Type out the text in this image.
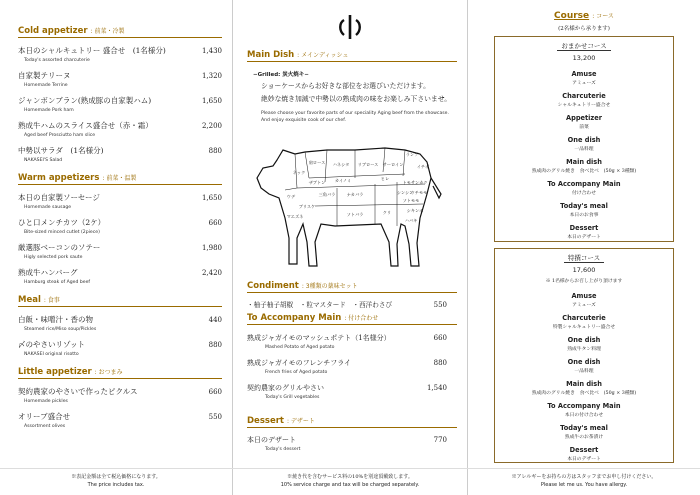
Cold appetizer : 前菜・冷製
本日のシャルキュトリー 盛合せ　(1名様分)	1,430
Today's assorted charcuterie
自家製テリーヌ	1,320
Homemade Terrine
ジャンボンブラン(熟成豚の自家製ハム)	1,650
Homemade Pork ham
熟成牛ハムのスライス盛合せ（赤・霜）	2,200
Aged beef Prosciutto ham slice
中勢以サラダ　(1名様分)	880
NAKASEI'S Salad
Warm appetizers : 前菜・温製
本日の自家製ソーセージ	1,650
Homemade sausage
ひと口メンチカツ（2ケ）	660
Bite-sized minced cutlet (2piece)
厳選豚ベーコンのソテー	1,980
Higly selected pork saute
熟成牛ハンバーグ	2,420
Hamburg steak of Aged beef
Meal : 食事
白飯・味噌汁・香の物	440
Steamed rice/Miso soup/Pickles
〆のやさいリゾット	880
NAKASEI original risotto
Little appetizer : おつまみ
契約農家のやさいで作ったピクルス	660
Homemade pickles
オリーブ盛合せ	550
Assortment olives
Main Dish : メインディッシュ
−Grilled: 炭火焼キ−
ショーケースからお好きな部位をお選びいただけます。
絶妙な焼き加減で中勢以の熟成肉の味をお楽しみ下さいませ。
Please choose your favorite parts of our speciality Aging beef from the showcase.
And enjoy exquisite cook of our chef.
ネック
肩ロース ハネシタ リブロース サーロイン
ランプ
イチボ
ウデ
ザブトン カイノミ
三角バラ
ヒレ
トモサンカク
シンシン
ウチモモ
ナカバラ
ソトモモ
ブリスケ
マエズネ	ソトバラ	クリ	シキンボ
ハバキ
Condiment : 3種類の薬味セット
・柚子柚子胡椒　・粒マスタード　・西洋わさび	550
To Accompany Main : 付け合わせ
熟成ジャガイモのマッシュポテト（1名様分）	660
Mashed Potato of Aged potato
熟成ジャガイモのフレンチフライ	880
French fries of Aged potato
契約農家のグリルやさい	1,540
Today's Grill vegetables
Dessert : デザート
本日のデザート	770
Today's dessert
Course : コース
(2名様から承ります)
おまかせコース
13,200
Amuse
アミューズ
Charcuterie
シャルキュトリー盛合せ
Appetizer
前菜
One dish
一品料理
Main dish
熟成肉のグリル焼き　食べ比べ　(50g × 3種類)
To Accompany Main
付け合わせ
Today's meal
本日のお食事
Dessert
本日のデザート
特撰コース
17,600
※ 1名様からお召し上がり頂けます
Amuse
アミューズ
Charcuterie
特製シャルキュトリー盛合せ
One dish
熟成牛タン料理
One dish
一品料理
Main dish
熟成肉のグリル焼き　食べ比べ　(50g × 3種類)
To Accompany Main
本日の付け合わせ
Today's meal
熟成牛のお茶漬け
Dessert
本日のデザート
※表記金額は全て税込価格になります。
The price includes tax.
※焼き代を含むサービス料の10%を別途頂戴致します。
10% service charge and tax will be charged separately.
※アレルギーをお持ちの方はスタッフまでお申し付けください。
Please let me us. You have allergy.
